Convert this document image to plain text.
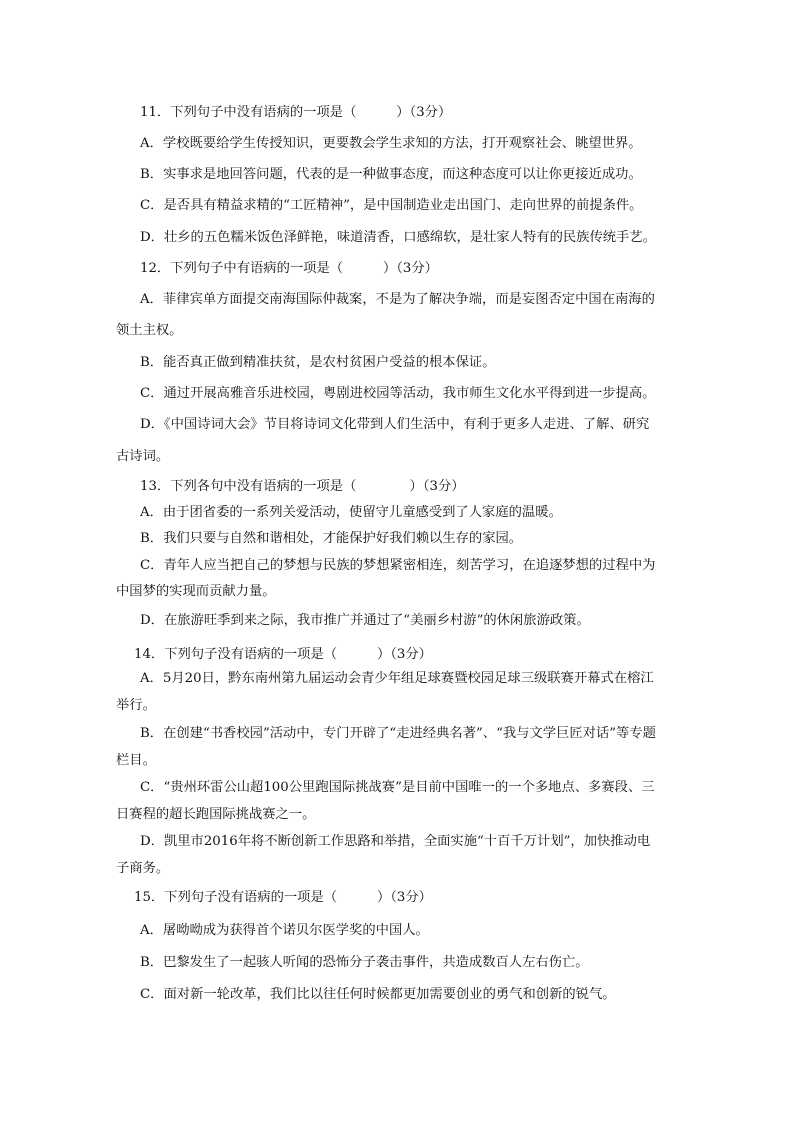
11．下列句子中没有语病的一项是（　　　）（3分）
A．学校既要给学生传授知识，更要教会学生求知的方法，打开观察社会、眺望世界。
B．实事求是地回答问题，代表的是一种做事态度，而这种态度可以让你更接近成功。
C．是否具有精益求精的“工匠精神”，是中国制造业走出国门、走向世界的前提条件。
D．壮乡的五色糯米饭色泽鲜艳，味道清香，口感绵软，是壮家人特有的民族传统手艺。
12．下列句子中有语病的一项是（　　　）（3分）
A．菲律宾单方面提交南海国际仲裁案，不是为了解决争端，而是妄图否定中国在南海的
领土主权。
B．能否真正做到精准扶贫，是农村贫困户受益的根本保证。
C．通过开展高雅音乐进校园，粤剧进校园等活动，我市师生文化水平得到进一步提高。
D．《中国诗词大会》节目将诗词文化带到人们生活中，有利于更多人走进、了解、研究
古诗词。
13．下列各句中没有语病的一项是（　　　　）（3分）
A．由于团省委的一系列关爱活动，使留守儿童感受到了人家庭的温暖。
B．我们只要与自然和谐相处，才能保护好我们赖以生存的家园。
C．青年人应当把自己的梦想与民族的梦想紧密相连，刻苦学习，在追逐梦想的过程中为
中国梦的实现而贡献力量。
D．在旅游旺季到来之际，我市推广并通过了“美丽乡村游”的休闲旅游政策。
14．下列句子没有语病的一项是（　　　）（3分）
A．5月20日，黔东南州第九届运动会青少年组足球赛暨校园足球三级联赛开幕式在榕江
举行。
B．在创建“书香校园”活动中，专门开辟了“走进经典名著”、“我与文学巨匠对话”等专题
栏目。
C．“贵州环雷公山超100公里跑国际挑战赛”是目前中国唯一的一个多地点、多赛段、三
日赛程的超长跑国际挑战赛之一。
D．凯里市2016年将不断创新工作思路和举措，全面实施“十百千万计划”，加快推动电
子商务。
15．下列句子没有语病的一项是（　　　）（3分）
A．屠呦呦成为获得首个诺贝尔医学奖的中国人。
B．巴黎发生了一起骇人听闻的恐怖分子袭击事件，共造成数百人左右伤亡。
C．面对新一轮改革，我们比以往任何时候都更加需要创业的勇气和创新的锐气。
